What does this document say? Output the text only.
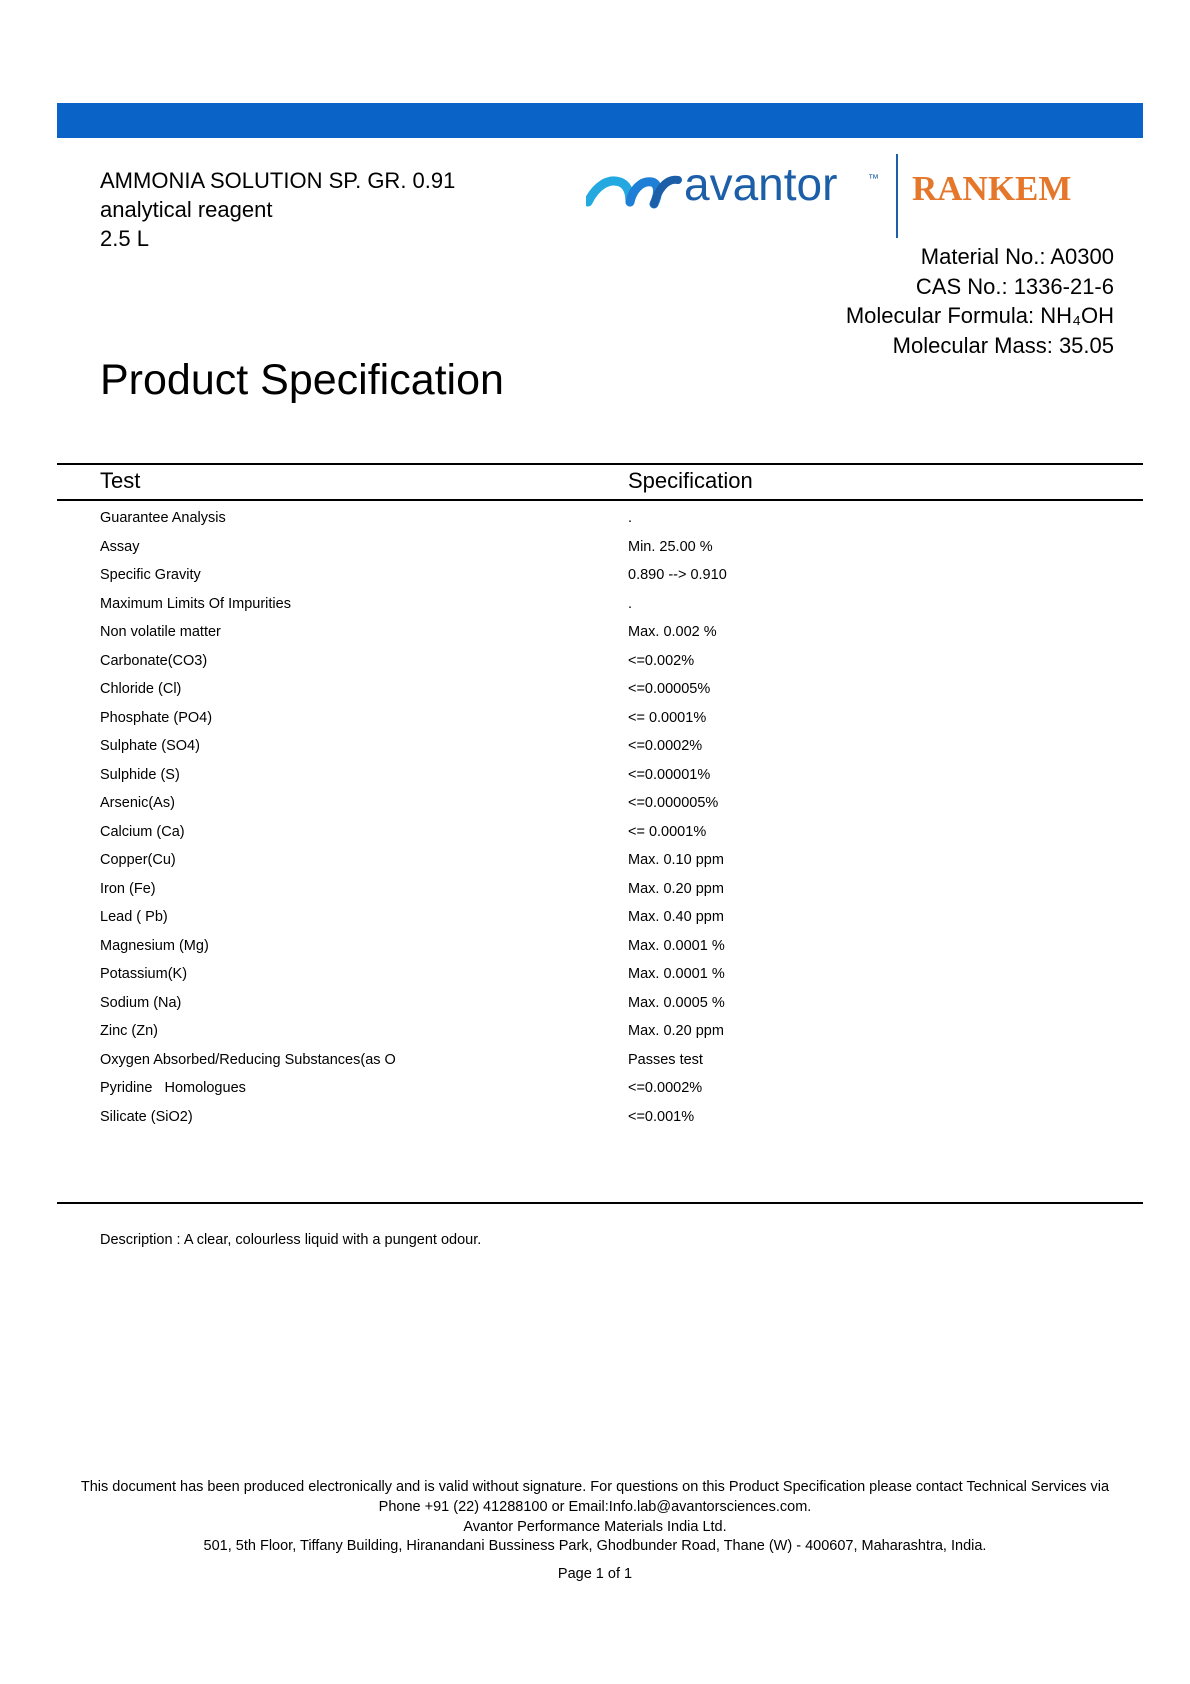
AMMONIA SOLUTION SP. GR. 0.91
analytical reagent
2.5 L
avantor	™ RANKEM
Material No.: A0300
CAS No.: 1336-21-6
Molecular Formula: NH₄OH
Molecular Mass: 35.05
Product Specification
Test	Specification
Guarantee Analysis	.
Assay	Min. 25.00 %
Specific Gravity	0.890 --> 0.910
Maximum Limits Of Impurities	.
Non volatile matter	Max. 0.002 %
Carbonate(CO3)	<=0.002%
Chloride (Cl)	<=0.00005%
Phosphate (PO4)	<= 0.0001%
Sulphate (SO4)	<=0.0002%
Sulphide (S)	<=0.00001%
Arsenic(As)	<=0.000005%
Calcium (Ca)	<= 0.0001%
Copper(Cu)	Max. 0.10 ppm
Iron (Fe)	Max. 0.20 ppm
Lead ( Pb)	Max. 0.40 ppm
Magnesium (Mg)	Max. 0.0001 %
Potassium(K)	Max. 0.0001 %
Sodium (Na)	Max. 0.0005 %
Zinc (Zn)	Max. 0.20 ppm
Oxygen Absorbed/Reducing Substances(as O	Passes test
Pyridine   Homologues	<=0.0002%
Silicate (SiO2)	<=0.001%
Description : A clear, colourless liquid with a pungent odour.
This document has been produced electronically and is valid without signature. For questions on this Product Specification please contact Technical Services via
Phone +91 (22) 41288100 or Email:Info.lab@avantorsciences.com.
Avantor Performance Materials India Ltd.
501, 5th Floor, Tiffany Building, Hiranandani Bussiness Park, Ghodbunder Road, Thane (W) - 400607, Maharashtra, India.
Page 1 of 1
